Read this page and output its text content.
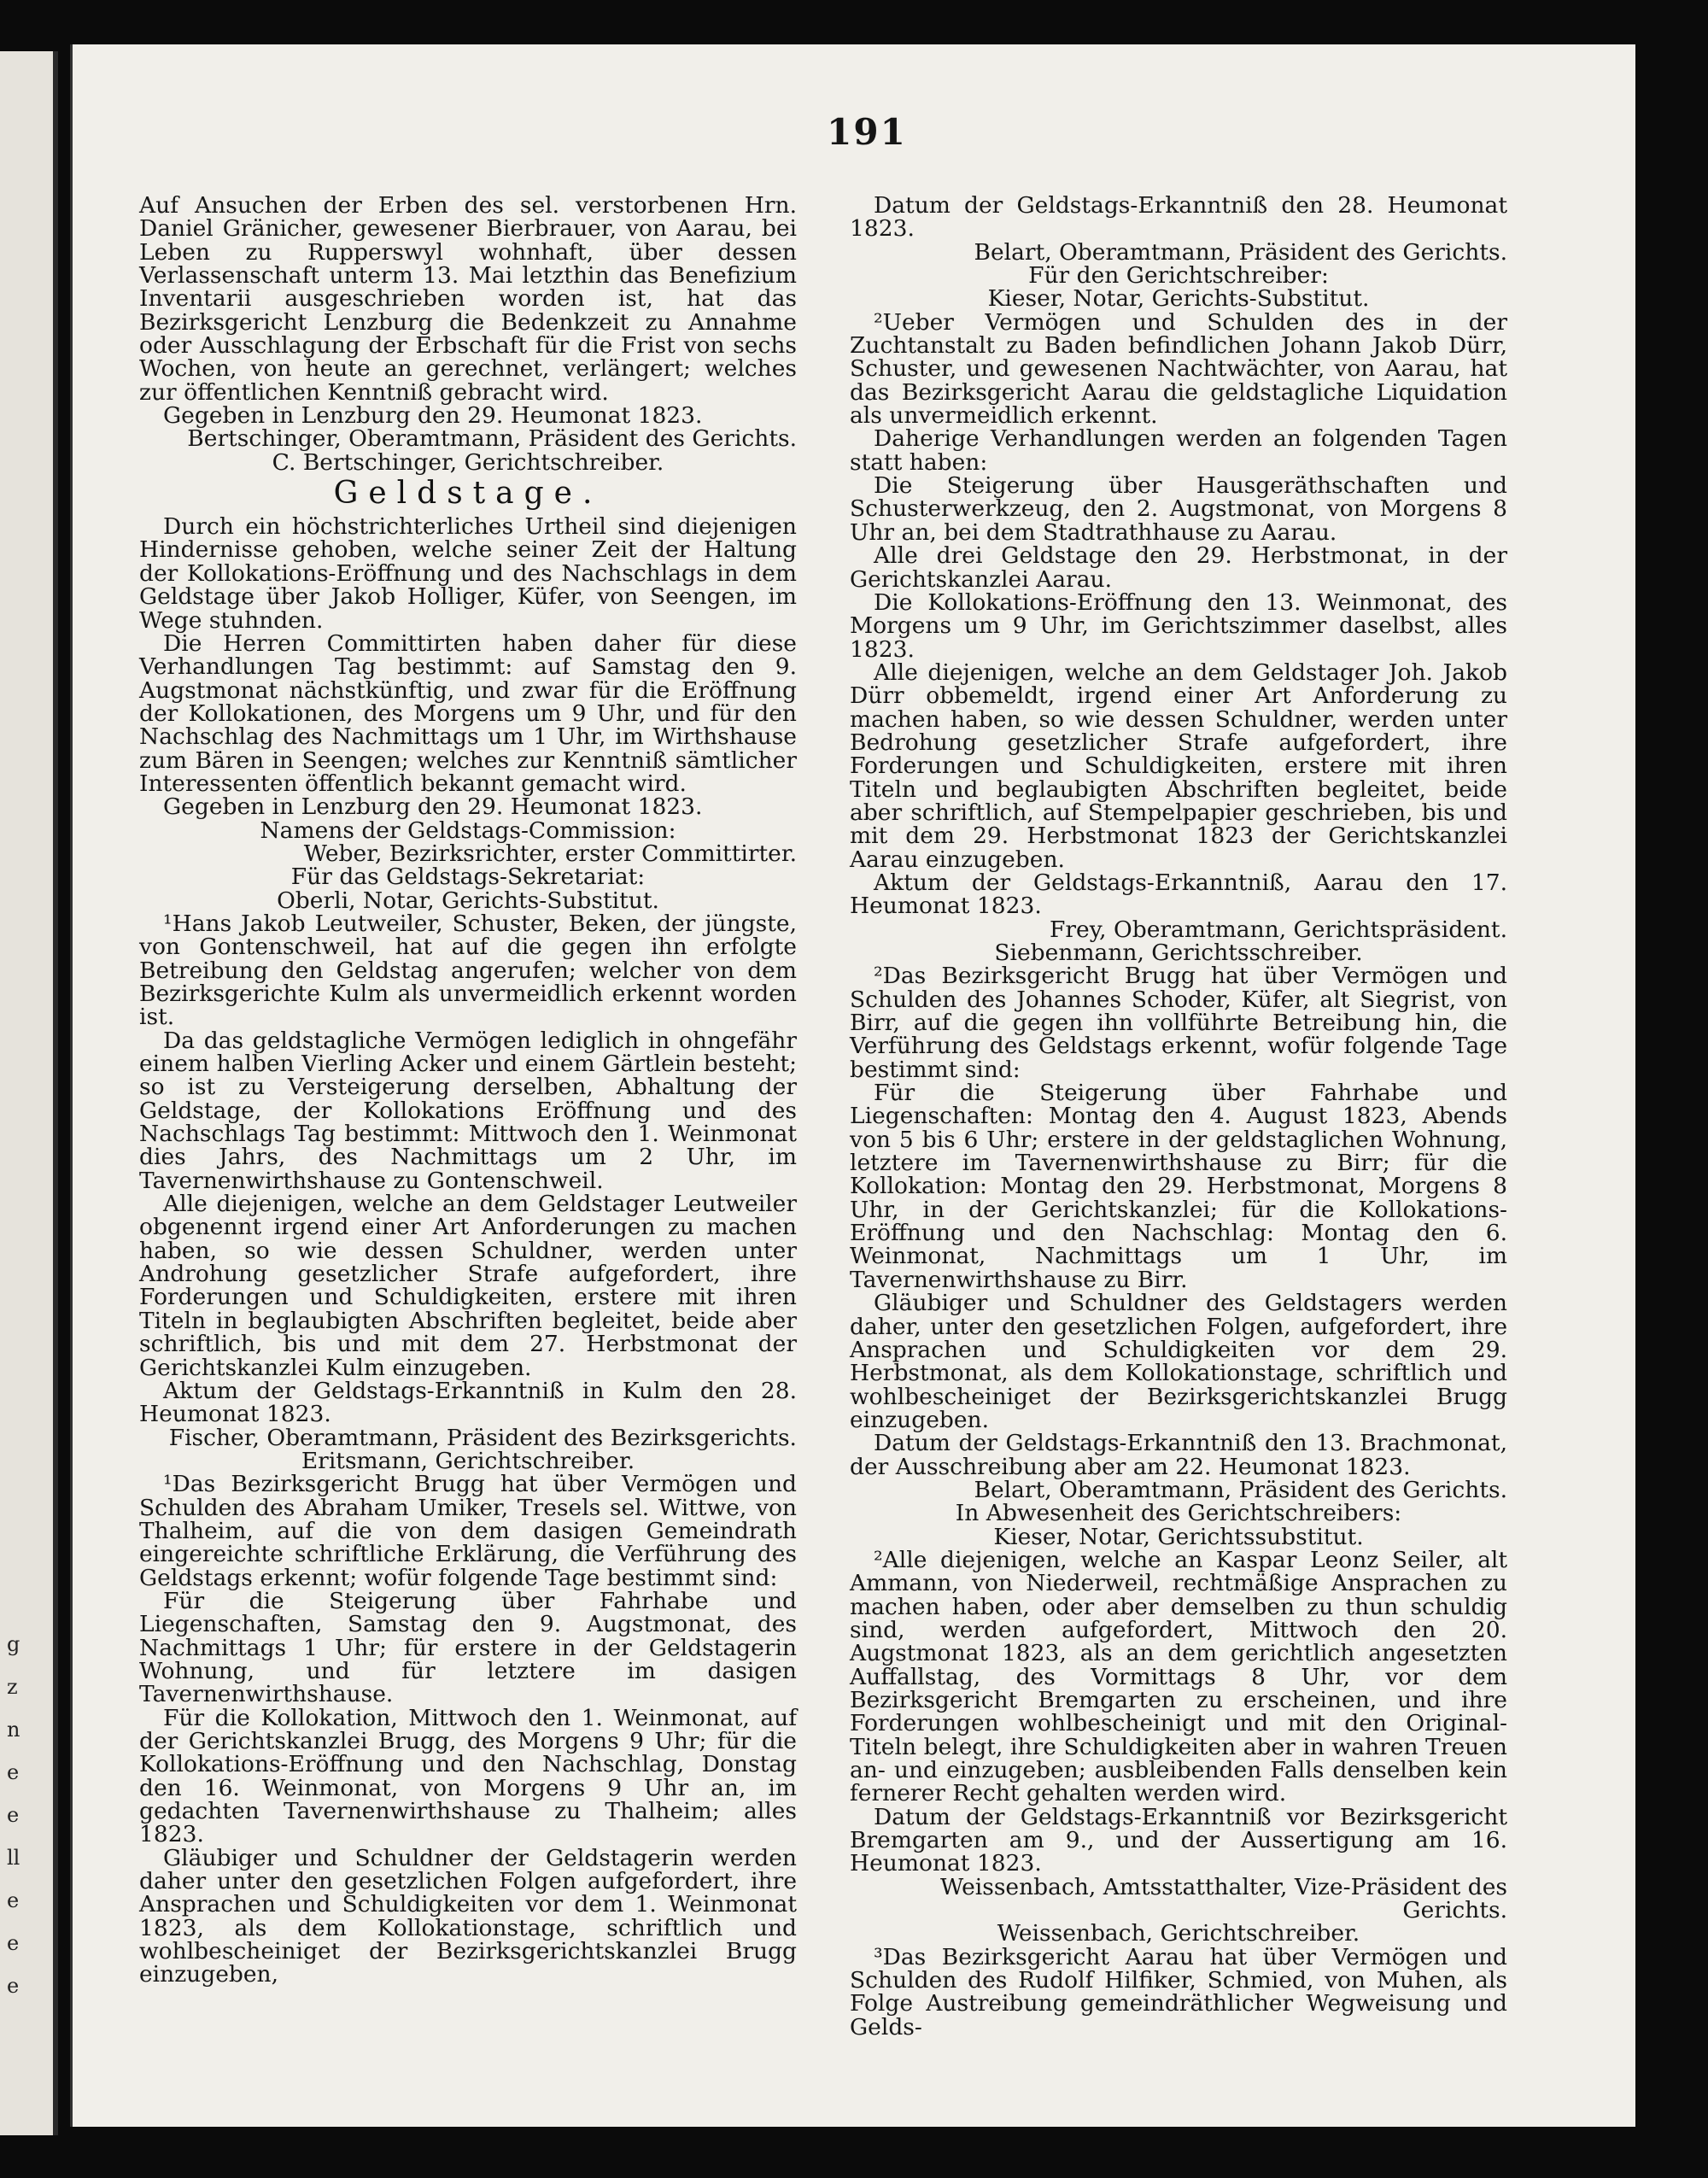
g
z
n
e
e
ll
e
e
e
191

Auf Ansuchen der Erben des sel. verstorbenen Hrn. Daniel Gränicher, gewesener Bierbrauer, von Aarau, bei Leben zu Rupperswyl wohnhaft, über dessen Verlassenschaft unterm 13. Mai letzthin das Benefizium Inventarii ausgeschrieben worden ist, hat das Bezirksgericht Lenzburg die Bedenkzeit zu Annahme oder Ausschlagung der Erbschaft für die Frist von sechs Wochen, von heute an gerechnet, verlängert; welches zur öffentlichen Kenntniß gebracht wird.

Gegeben in Lenzburg den 29. Heumonat 1823.

Bertschinger, Oberamtmann, Präsident des Gerichts.

C. Bertschinger, Gerichtschreiber.

Geldstage.

Durch ein höchstrichterliches Urtheil sind diejenigen Hindernisse gehoben, welche seiner Zeit der Haltung der Kollokations-Eröffnung und des Nachschlags in dem Geldstage über Jakob Holliger, Küfer, von Seengen, im Wege stuhnden.

Die Herren Committirten haben daher für diese Verhandlungen Tag bestimmt: auf Samstag den 9. Augstmonat nächstkünftig, und zwar für die Eröffnung der Kollokationen, des Morgens um 9 Uhr, und für den Nachschlag des Nachmittags um 1 Uhr, im Wirthshause zum Bären in Seengen; welches zur Kenntniß sämtlicher Interessenten öffentlich bekannt gemacht wird.

Gegeben in Lenzburg den 29. Heumonat 1823.

Namens der Geldstags-Commission:

Weber, Bezirksrichter, erster Committirter.

Für das Geldstags-Sekretariat:

Oberli, Notar, Gerichts-Substitut.

¹Hans Jakob Leutweiler, Schuster, Beken, der jüngste, von Gontenschweil, hat auf die gegen ihn erfolgte Betreibung den Geldstag angerufen; welcher von dem Bezirksgerichte Kulm als unvermeidlich erkennt worden ist.

Da das geldstagliche Vermögen lediglich in ohngefähr einem halben Vierling Acker und einem Gärtlein besteht; so ist zu Versteigerung derselben, Abhaltung der Geldstage, der Kollokations Eröffnung und des Nachschlags Tag bestimmt: Mittwoch den 1. Weinmonat dies Jahrs, des Nachmittags um 2 Uhr, im Tavernenwirthshause zu Gontenschweil.

Alle diejenigen, welche an dem Geldstager Leutweiler obgenennt irgend einer Art Anforderungen zu machen haben, so wie dessen Schuldner, werden unter Androhung gesetzlicher Strafe aufgefordert, ihre Forderungen und Schuldigkeiten, erstere mit ihren Titeln in beglaubigten Abschriften begleitet, beide aber schriftlich, bis und mit dem 27. Herbstmonat der Gerichtskanzlei Kulm einzugeben.

Aktum der Geldstags-Erkanntniß in Kulm den 28. Heumonat 1823.

Fischer, Oberamtmann, Präsident des Bezirksgerichts.

Eritsmann, Gerichtschreiber.

¹Das Bezirksgericht Brugg hat über Vermögen und Schulden des Abraham Umiker, Tresels sel. Wittwe, von Thalheim, auf die von dem dasigen Gemeindrath eingereichte schriftliche Erklärung, die Verführung des Geldstags erkennt; wofür folgende Tage bestimmt sind:

Für die Steigerung über Fahrhabe und Liegenschaften, Samstag den 9. Augstmonat, des Nachmittags 1 Uhr; für erstere in der Geldstagerin Wohnung, und für letztere im dasigen Tavernenwirthshause.

Für die Kollokation, Mittwoch den 1. Weinmonat, auf der Gerichtskanzlei Brugg, des Morgens 9 Uhr; für die Kollokations-Eröffnung und den Nachschlag, Donstag den 16. Weinmonat, von Morgens 9 Uhr an, im gedachten Tavernenwirthshause zu Thalheim; alles 1823.

Gläubiger und Schuldner der Geldstagerin werden daher unter den gesetzlichen Folgen aufgefordert, ihre Ansprachen und Schuldigkeiten vor dem 1. Weinmonat 1823, als dem Kollokationstage, schriftlich und wohlbescheiniget der Bezirksgerichtskanzlei Brugg einzugeben,

Datum der Geldstags-Erkanntniß den 28. Heumonat 1823.

Belart, Oberamtmann, Präsident des Gerichts.

Für den Gerichtschreiber:

Kieser, Notar, Gerichts-Substitut.

²Ueber Vermögen und Schulden des in der Zuchtanstalt zu Baden befindlichen Johann Jakob Dürr, Schuster, und gewesenen Nachtwächter, von Aarau, hat das Bezirksgericht Aarau die geldstagliche Liquidation als unvermeidlich erkennt.

Daherige Verhandlungen werden an folgenden Tagen statt haben:

Die Steigerung über Hausgeräthschaften und Schusterwerkzeug, den 2. Augstmonat, von Morgens 8 Uhr an, bei dem Stadtrathhause zu Aarau.

Alle drei Geldstage den 29. Herbstmonat, in der Gerichtskanzlei Aarau.

Die Kollokations-Eröffnung den 13. Weinmonat, des Morgens um 9 Uhr, im Gerichtszimmer daselbst, alles 1823.

Alle diejenigen, welche an dem Geldstager Joh. Jakob Dürr obbemeldt, irgend einer Art Anforderung zu machen haben, so wie dessen Schuldner, werden unter Bedrohung gesetzlicher Strafe aufgefordert, ihre Forderungen und Schuldigkeiten, erstere mit ihren Titeln und beglaubigten Abschriften begleitet, beide aber schriftlich, auf Stempelpapier geschrieben, bis und mit dem 29. Herbstmonat 1823 der Gerichtskanzlei Aarau einzugeben.

Aktum der Geldstags-Erkanntniß, Aarau den 17. Heumonat 1823.

Frey, Oberamtmann, Gerichtspräsident.

Siebenmann, Gerichtsschreiber.

²Das Bezirksgericht Brugg hat über Vermögen und Schulden des Johannes Schoder, Küfer, alt Siegrist, von Birr, auf die gegen ihn vollführte Betreibung hin, die Verführung des Geldstags erkennt, wofür folgende Tage bestimmt sind:

Für die Steigerung über Fahrhabe und Liegenschaften: Montag den 4. August 1823, Abends von 5 bis 6 Uhr; erstere in der geldstaglichen Wohnung, letztere im Tavernenwirthshause zu Birr; für die Kollokation: Montag den 29. Herbstmonat, Morgens 8 Uhr, in der Gerichtskanzlei; für die Kollokations-Eröffnung und den Nachschlag: Montag den 6. Weinmonat, Nachmittags um 1 Uhr, im Tavernenwirthshause zu Birr.

Gläubiger und Schuldner des Geldstagers werden daher, unter den gesetzlichen Folgen, aufgefordert, ihre Ansprachen und Schuldigkeiten vor dem 29. Herbstmonat, als dem Kollokationstage, schriftlich und wohlbescheiniget der Bezirksgerichtskanzlei Brugg einzugeben.

Datum der Geldstags-Erkanntniß den 13. Brachmonat, der Ausschreibung aber am 22. Heumonat 1823.

Belart, Oberamtmann, Präsident des Gerichts.

In Abwesenheit des Gerichtschreibers:

Kieser, Notar, Gerichtssubstitut.

²Alle diejenigen, welche an Kaspar Leonz Seiler, alt Ammann, von Niederweil, rechtmäßige Ansprachen zu machen haben, oder aber demselben zu thun schuldig sind, werden aufgefordert, Mittwoch den 20. Augstmonat 1823, als an dem gerichtlich angesetzten Auffallstag, des Vormittags 8 Uhr, vor dem Bezirksgericht Bremgarten zu erscheinen, und ihre Forderungen wohlbescheinigt und mit den Original-Titeln belegt, ihre Schuldigkeiten aber in wahren Treuen an- und einzugeben; ausbleibenden Falls denselben kein fernerer Recht gehalten werden wird.

Datum der Geldstags-Erkanntniß vor Bezirksgericht Bremgarten am 9., und der Aussertigung am 16. Heumonat 1823.

Weissenbach, Amtsstatthalter, Vize-Präsident des Gerichts.

Weissenbach, Gerichtschreiber.

³Das Bezirksgericht Aarau hat über Vermögen und Schulden des Rudolf Hilfiker, Schmied, von Muhen, als Folge Austreibung gemeindräthlicher Wegweisung und Gelds-
